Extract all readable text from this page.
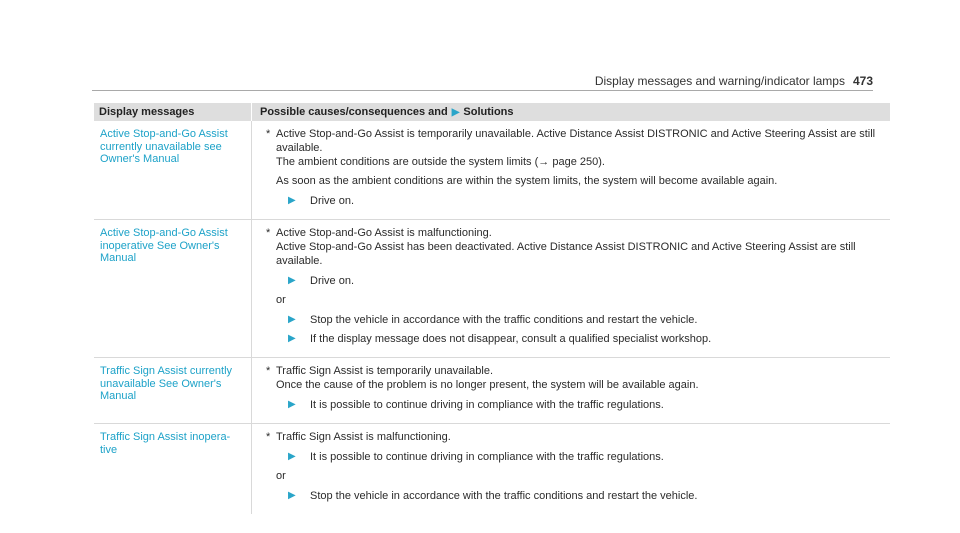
Display messages and warning/indicator lamps 473
Display messages	Possible causes/consequences and ▶ Solutions
Active Stop-and-Go Assist currently unavailable see Owner's Manual
* Active Stop-and-Go Assist is temporarily unavailable. Active Distance Assist DISTRONIC and Active Steering Assist are still available.

The ambient conditions are outside the system limits (→ page 250).

As soon as the ambient conditions are within the system limits, the system will become available again.

▶	Drive on.
Active Stop-and-Go Assist inoperative See Owner's Manual
* Active Stop-and-Go Assist is malfunctioning.

Active Stop-and-Go Assist has been deactivated. Active Distance Assist DISTRONIC and Active Steering Assist are still available.

▶	Drive on.
or
▶	Stop the vehicle in accordance with the traffic conditions and restart the vehicle.
▶	If the display message does not disappear, consult a qualified specialist workshop.
Traffic Sign Assist currently unavailable See Owner's Manual
* Traffic Sign Assist is temporarily unavailable.

Once the cause of the problem is no longer present, the system will be available again.

▶	It is possible to continue driving in compliance with the traffic regulations.
Traffic Sign Assist inopera- tive
* Traffic Sign Assist is malfunctioning.
▶	It is possible to continue driving in compliance with the traffic regulations.
or
▶	Stop the vehicle in accordance with the traffic conditions and restart the vehicle.
